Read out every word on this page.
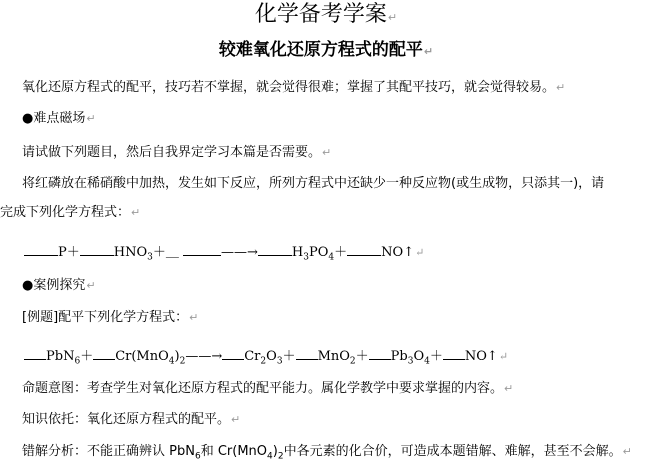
化学备考学案↵
较难氧化还原方程式的配平↵
氧化还原方程式的配平，技巧若不掌握，就会觉得很难；掌握了其配平技巧，就会觉得较易。↵
●难点磁场↵
请试做下列题目，然后自我界定学习本篇是否需要。↵
将红磷放在稀硝酸中加热，发生如下反应，所列方程式中还缺少一种反应物(或生成物，只添其一)，请
完成下列化学方程式：↵
P＋	$HNO_3+\_$	——→	$H_3PO_4+$	NO↑↵
●案例探究↵
[例题]配平下列化学方程式：↵
$PbN_6+ Cr(MnO_4)_2——\to Cr_2O_3+ MnO_2+ Pb_3O_4+$ NO↑↵
命题意图：考查学生对氧化还原方程式的配平能力。属化学教学中要求掌握的内容。↵
知识依托：氧化还原方程式的配平。↵
错解分析：不能正确辨认 PbN$_6$和 $Cr(MnO_4)_2$中各元素的化合价，可造成本题错解、难解，甚至不会解。↵
